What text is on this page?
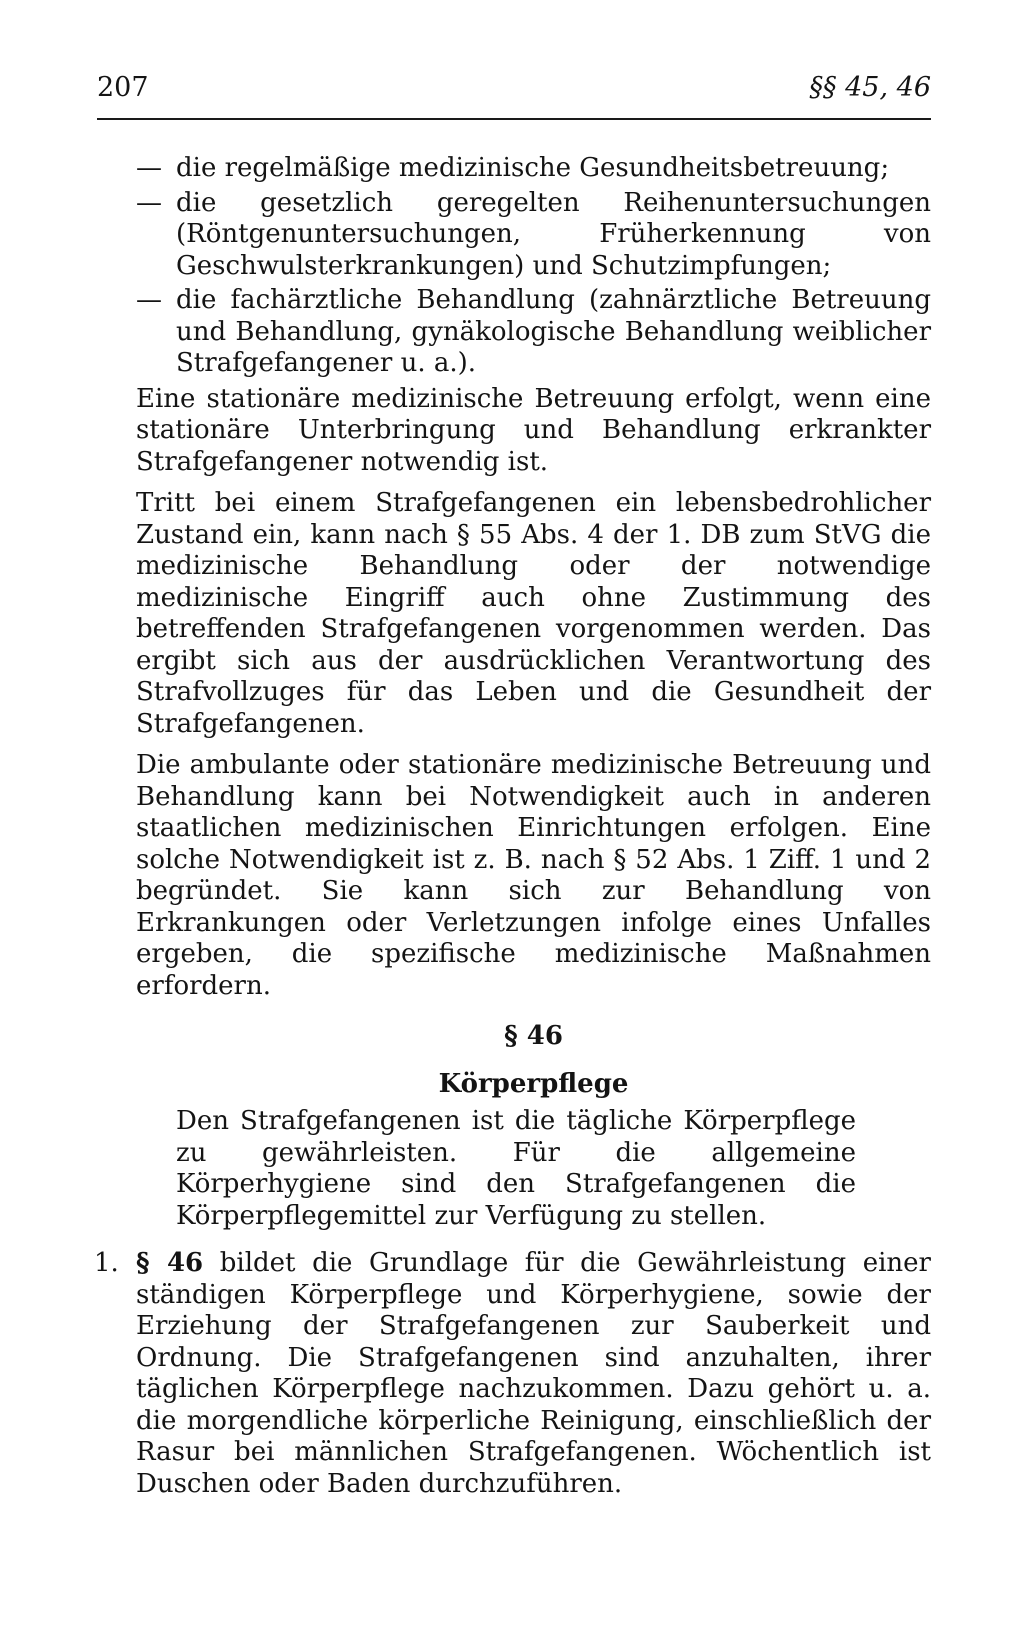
207	§§ 45, 46
— die regelmäßige medizinische Gesundheitsbetreuung;
— die gesetzlich geregelten Reihenuntersuchungen (Röntgenuntersuchungen, Früherkennung von Geschwulsterkrankungen) und Schutzimpfungen;
— die fachärztliche Behandlung (zahnärztliche Betreuung und Behandlung, gynäkologische Behandlung weiblicher Strafgefangener u. a.).

Eine stationäre medizinische Betreuung erfolgt, wenn eine stationäre Unterbringung und Behandlung erkrankter Strafgefangener notwendig ist.

Tritt bei einem Strafgefangenen ein lebensbedrohlicher Zustand ein, kann nach § 55 Abs. 4 der 1. DB zum StVG die medizinische Behandlung oder der notwendige medizinische Eingriff auch ohne Zustimmung des betreffenden Strafgefangenen vorgenommen werden. Das ergibt sich aus der ausdrücklichen Verantwortung des Strafvollzuges für das Leben und die Gesundheit der Strafgefangenen.

Die ambulante oder stationäre medizinische Betreuung und Behandlung kann bei Notwendigkeit auch in anderen staatlichen medizinischen Einrichtungen erfolgen. Eine solche Notwendigkeit ist z. B. nach § 52 Abs. 1 Ziff. 1 und 2 begründet. Sie kann sich zur Behandlung von Erkrankungen oder Verletzungen infolge eines Unfalles ergeben, die spezifische medizinische Maßnahmen erfordern.

§ 46
Körperpflege

Den Strafgefangenen ist die tägliche Körperpflege zu gewährleisten. Für die allgemeine Körperhygiene sind den Strafgefangenen die Körperpflegemittel zur Verfügung zu stellen.

1. § 46 bildet die Grundlage für die Gewährleistung einer ständigen Körperpflege und Körperhygiene, sowie der Erziehung der Strafgefangenen zur Sauberkeit und Ordnung. Die Strafgefangenen sind anzuhalten, ihrer täglichen Körperpflege nachzukommen. Dazu gehört u. a. die morgendliche körperliche Reinigung, einschließlich der Rasur bei männlichen Strafgefangenen. Wöchentlich ist Duschen oder Baden durchzuführen.
